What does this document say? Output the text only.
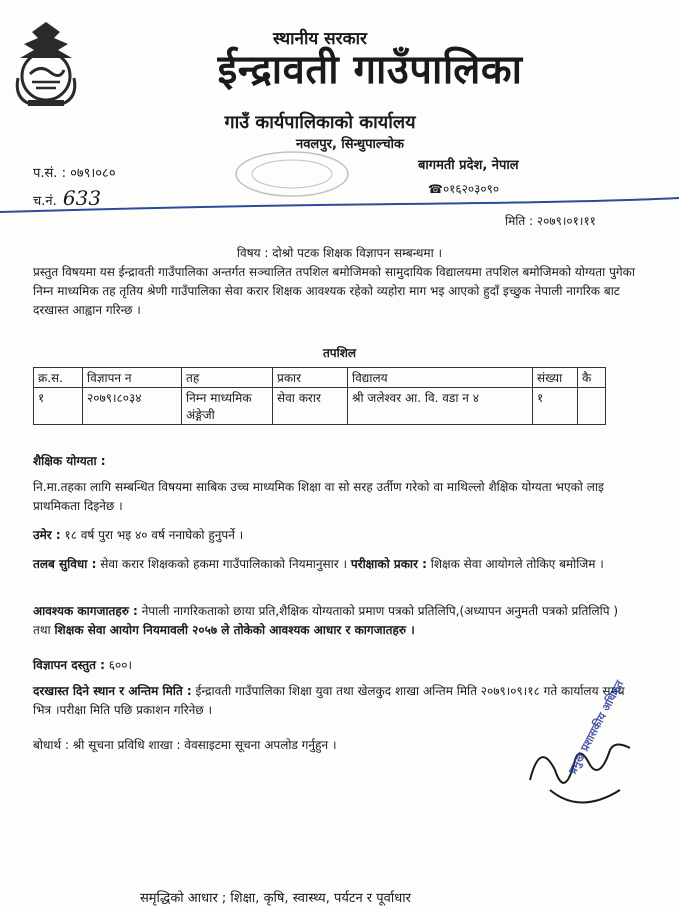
स्थानीय सरकार
ईन्द्रावती गाउँपालिका
गाउँ कार्यपालिकाको कार्यालय
नवलपुर, सिन्धुपाल्चोक
प.सं. : ०७९।०८०
च.नं. 633
बागमती प्रदेश, नेपाल
☎०१६२०३०९०
मिति : २०७९।०१।११
विषय : दोश्रो पटक शिक्षक विज्ञापन सम्बन्धमा ।
प्रस्तुत विषयमा यस ईन्द्रावती गाउँपालिका अन्तर्गत सञ्चालित तपशिल बमोजिमको सामुदायिक विद्यालयमा तपशिल बमोजिमको योग्यता पुगेका निम्न माध्यमिक तह तृतिय श्रेणी गाउँपालिका सेवा करार शिक्षक आवश्यक रहेको व्यहोरा माग भइ आएको हुदाँ इच्छुक नेपाली नागरिक बाट दरखास्त आह्वान गरिन्छ ।
तपशिल
क्र.स.	विज्ञापन न	तह	प्रकार	विद्यालय	संख्या	कै
१	२०७९।८०३४	निम्न माध्यमिक अंङ्गेजी	सेवा करार	श्री जलेश्वर आ. वि. वडा न ४	१	
शैक्षिक योग्यता :
नि.मा.तहका लागि सम्बन्धित विषयमा साबिक उच्च माध्यमिक शिक्षा वा सो सरह उर्तीण गरेको वा माथिल्लो शैक्षिक योग्यता भएको लाइ प्राथमिकता दिइनेछ ।
उमेर : १८ वर्ष पुरा भइ ४० वर्ष ननाघेको हुनुपर्ने ।
तलब सुविधा : सेवा करार शिक्षकको हकमा गाउँपालिकाको नियमानुसार । परीक्षाको प्रकार : शिक्षक सेवा आयोगले तोकिए बमोजिम ।
आवश्यक कागजातहरु : नेपाली नागरिकताको छाया प्रति,शैक्षिक योग्यताको प्रमाण पत्रको प्रतिलिपि,(अध्यापन अनुमती पत्रको प्रतिलिपि ) तथा शिक्षक सेवा आयोग नियमावली २०५७ ले तोकेको आवश्यक आधार र कागजातहरु ।
विज्ञापन दस्तुत : ६००।
दरखास्त दिने स्थान र अन्तिम मिति : ईन्द्रावती गाउँपालिका शिक्षा युवा तथा खेलकुद शाखा अन्तिम मिति २०७९।०९।१८ गते कार्यालय समय भित्र ।परीक्षा मिति पछि प्रकाशन गरिनेछ ।
बोधार्थ : श्री सूचना प्रविधि शाखा : वेवसाइटमा सूचना अपलोड गर्नुहुन ।	प्रमुख प्रशासकीय अधिकृत
समृद्धिको आधार ; शिक्षा, कृषि, स्वास्थ्य, पर्यटन र पूर्वाधार
